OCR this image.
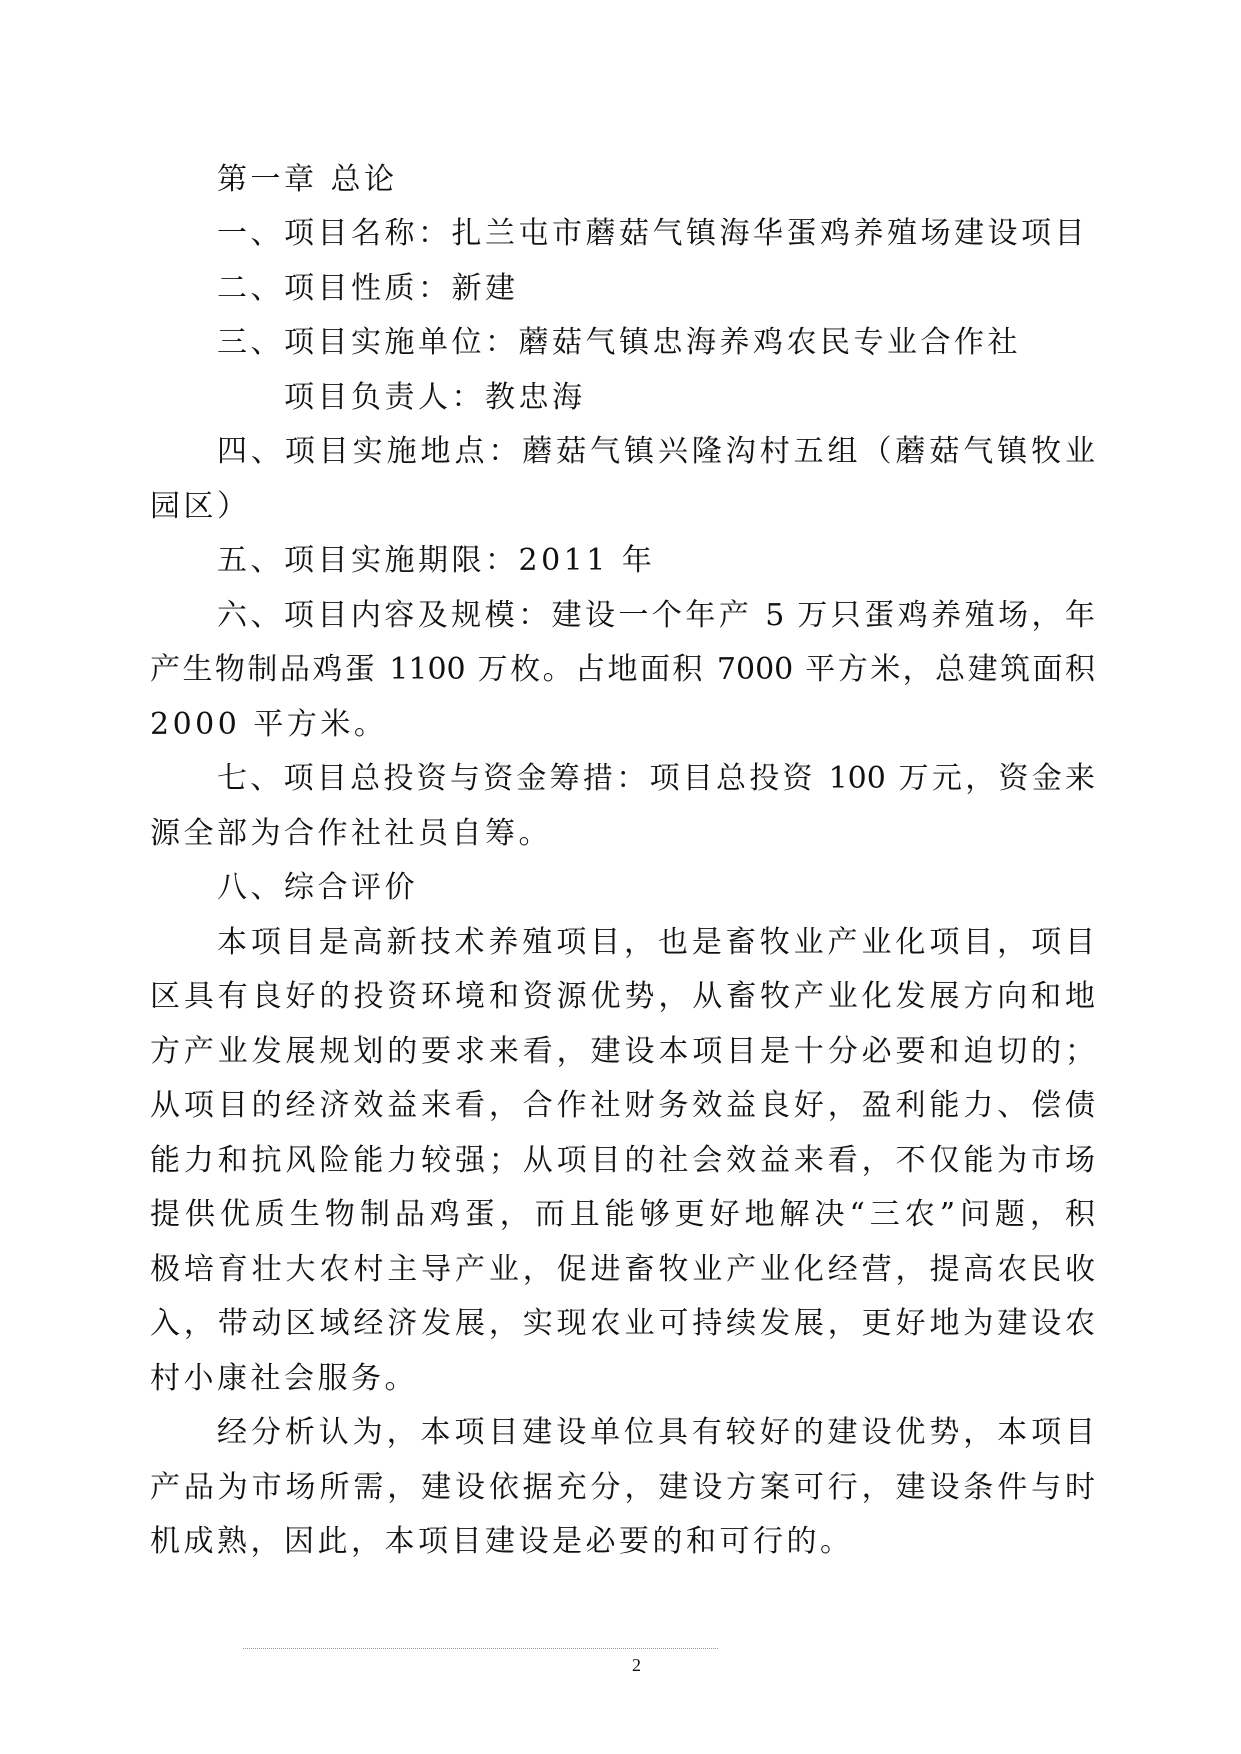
第一章 总论
一、项目名称：扎兰屯市蘑菇气镇海华蛋鸡养殖场建设项目
二、项目性质：新建
三、项目实施单位：蘑菇气镇忠海养鸡农民专业合作社
项目负责人：教忠海
四、项目实施地点：蘑菇气镇兴隆沟村五组（蘑菇气镇牧业
园区）
五、项目实施期限：2011 年
六、项目内容及规模：建设一个年产 5 万只蛋鸡养殖场，年
产生物制品鸡蛋 1100 万枚。占地面积 7000 平方米，总建筑面积
2000 平方米。
七、项目总投资与资金筹措：项目总投资 100 万元，资金来
源全部为合作社社员自筹。
八、综合评价
本项目是高新技术养殖项目，也是畜牧业产业化项目，项目
区具有良好的投资环境和资源优势，从畜牧产业化发展方向和地
方产业发展规划的要求来看，建设本项目是十分必要和迫切的；
从项目的经济效益来看，合作社财务效益良好，盈利能力、偿债
能力和抗风险能力较强；从项目的社会效益来看，不仅能为市场
提供优质生物制品鸡蛋，而且能够更好地解决“三农”问题，积
极培育壮大农村主导产业，促进畜牧业产业化经营，提高农民收
入，带动区域经济发展，实现农业可持续发展，更好地为建设农
村小康社会服务。
经分析认为，本项目建设单位具有较好的建设优势，本项目
产品为市场所需，建设依据充分，建设方案可行，建设条件与时
机成熟，因此，本项目建设是必要的和可行的。
2
